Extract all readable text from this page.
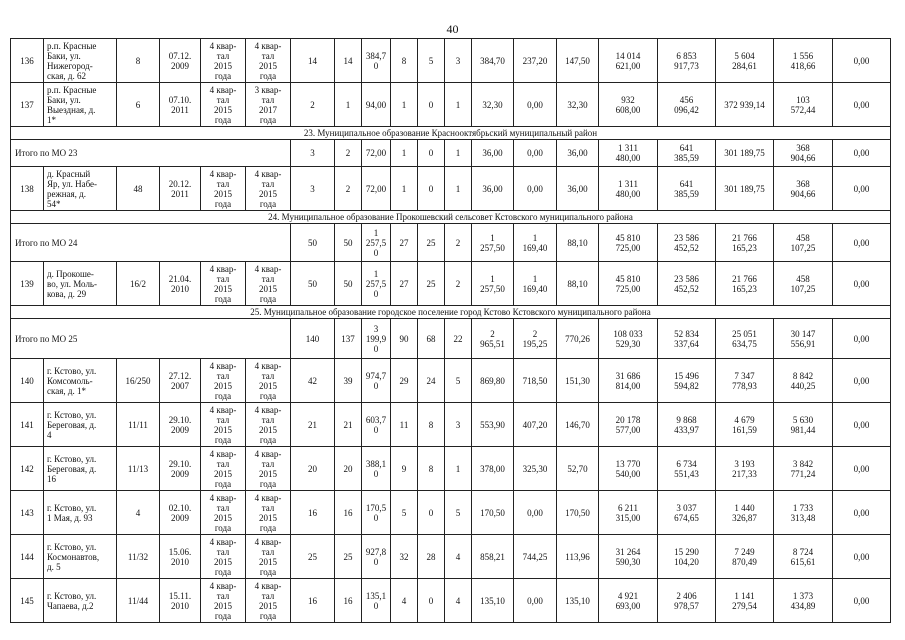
40
136	р.п. Красные
Баки, ул.
Нижегород-
ская, д. 62	8	07.12.
2009	4 квар-
тал
2015
года	4 квар-
тал
2015
года	14	14	384,7
0	8	5	3	384,70	237,20	147,50	14 014
621,00	6 853
917,73	5 604
284,61	1 556
418,66	0,00
137	р.п. Красные
Баки, ул.
Выездная, д.
1*	6	07.10.
2011	4 квар-
тал
2015
года	3 квар-
тал
2017
года	2	1	94,00	1	0	1	32,30	0,00	32,30	932
608,00	456
096,42	372 939,14	103
572,44	0,00
23. Муниципальное образование Краснооктябрьский муниципальный район																			
Итого по МО 23						3	2	72,00	1	0	1	36,00	0,00	36,00	1 311
480,00	641
385,59	301 189,75	368
904,66	0,00
138	д. Красный
Яр, ул. Набе-
режная, д.
54*	48	20.12.
2011	4 квар-
тал
2015
года	4 квар-
тал
2015
года	3	2	72,00	1	0	1	36,00	0,00	36,00	1 311
480,00	641
385,59	301 189,75	368
904,66	0,00
24. Муниципальное образование Прокошевский сельсовет Кстовского муниципального района																			
Итого по МО 24						50	50	1
257,5
0	27	25	2	1
257,50	1
169,40	88,10	45 810
725,00	23 586
452,52	21 766
165,23	458
107,25	0,00
139	д. Прокоше-
во, ул. Моль-
кова, д. 29	16/2	21.04.
2010	4 квар-
тал
2015
года	4 квар-
тал
2015
года	50	50	1
257,5
0	27	25	2	1
257,50	1
169,40	88,10	45 810
725,00	23 586
452,52	21 766
165,23	458
107,25	0,00
25. Муниципальное образование городское поселение город Кстово Кстовского муниципального района																			
Итого по МО 25						140	137	3
199,9
0	90	68	22	2
965,51	2
195,25	770,26	108 033
529,30	52 834
337,64	25 051
634,75	30 147
556,91	0,00
140	г. Кстово, ул.
Комсомоль-
ская, д. 1*	16/250	27.12.
2007	4 квар-
тал
2015
года	4 квар-
тал
2015
года	42	39	974,7
0	29	24	5	869,80	718,50	151,30	31 686
814,00	15 496
594,82	7 347
778,93	8 842
440,25	0,00
141	г. Кстово, ул.
Береговая, д.
4	11/11	29.10.
2009	4 квар-
тал
2015
года	4 квар-
тал
2015
года	21	21	603,7
0	11	8	3	553,90	407,20	146,70	20 178
577,00	9 868
433,97	4 679
161,59	5 630
981,44	0,00
142	г. Кстово, ул.
Береговая, д.
16	11/13	29.10.
2009	4 квар-
тал
2015
года	4 квар-
тал
2015
года	20	20	388,1
0	9	8	1	378,00	325,30	52,70	13 770
540,00	6 734
551,43	3 193
217,33	3 842
771,24	0,00
143	г. Кстово, ул.
1 Мая, д. 93	4	02.10.
2009	4 квар-
тал
2015
года	4 квар-
тал
2015
года	16	16	170,5
0	5	0	5	170,50	0,00	170,50	6 211
315,00	3 037
674,65	1 440
326,87	1 733
313,48	0,00
144	г. Кстово, ул.
Космонавтов,
д. 5	11/32	15.06.
2010	4 квар-
тал
2015
года	4 квар-
тал
2015
года	25	25	927,8
0	32	28	4	858,21	744,25	113,96	31 264
590,30	15 290
104,20	7 249
870,49	8 724
615,61	0,00
145	г. Кстово, ул.
Чапаева, д.2	11/44	15.11.
2010	4 квар-
тал
2015
года	4 квар-
тал
2015
года	16	16	135,1
0	4	0	4	135,10	0,00	135,10	4 921
693,00	2 406
978,57	1 141
279,54	1 373
434,89	0,00
